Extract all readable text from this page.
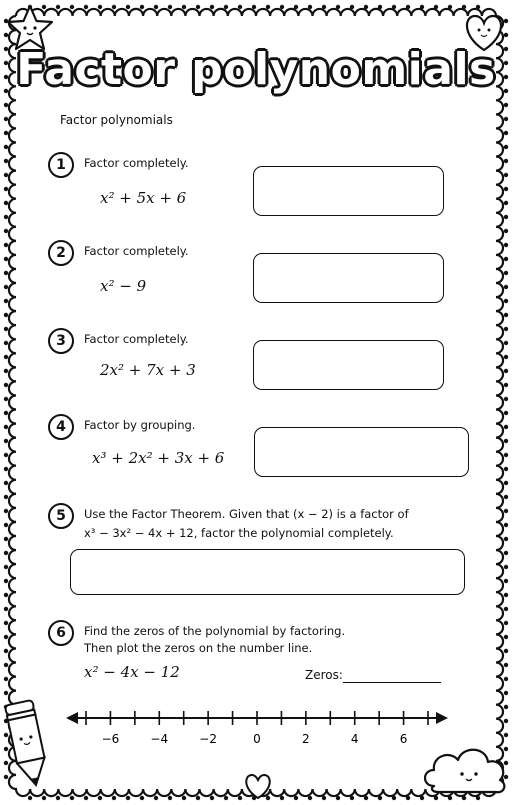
Factor polynomials
Factor polynomials
1	Factor completely.
x² + 5x + 6
2	Factor completely.
x² − 9
3	Factor completely.
2x² + 7x + 3
4	Factor by grouping.
x³ + 2x² + 3x + 6
5	Use the Factor Theorem. Given that (x − 2) is a factor of
x³ − 3x² − 4x + 12, factor the polynomial completely.
6	Find the zeros of the polynomial by factoring.
Then plot the zeros on the number line.
x² − 4x − 12	Zeros:
−6	−4	−2	0	2	4	6
